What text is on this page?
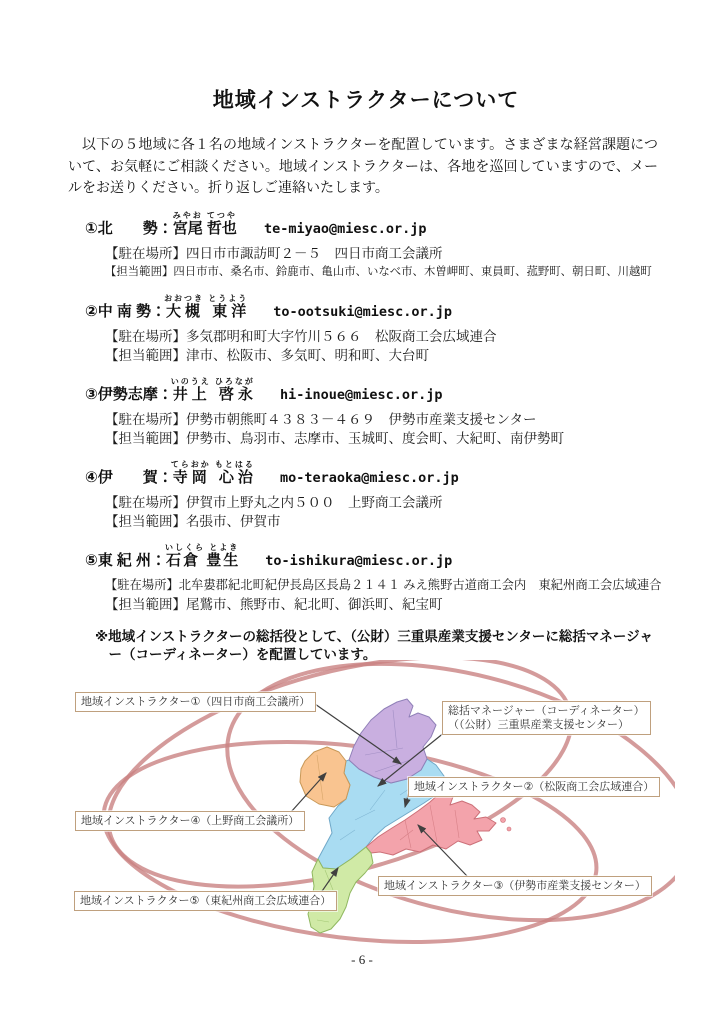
地域インストラクターについて

以下の５地域に各１名の地域インストラクターを配置しています。さまざまな経営課題について、お気軽にご相談ください。地域インストラクターは、各地を巡回していますので、メールをお送りください。折り返しご連絡いたします。

①北　　勢：宮尾 哲也みやお てつやte-miyao@miesc.or.jp
【駐在場所】四日市市諏訪町２－５　四日市商工会議所
【担当範囲】四日市市、桑名市、鈴鹿市、亀山市、いなべ市、木曽岬町、東員町、菰野町、朝日町、川越町
②中 南 勢：大槻 東洋おおつき とうようto-ootsuki@miesc.or.jp
【駐在場所】多気郡明和町大字竹川５６６　松阪商工会広域連合
【担当範囲】津市、松阪市、多気町、明和町、大台町
③伊勢志摩：井上 啓永いのうえ ひろながhi-inoue@miesc.or.jp
【駐在場所】伊勢市朝熊町４３８３－４６９　伊勢市産業支援センター
【担当範囲】伊勢市、鳥羽市、志摩市、玉城町、度会町、大紀町、南伊勢町
④伊　　賀：寺岡 心治てらおか もとはるmo-teraoka@miesc.or.jp
【駐在場所】伊賀市上野丸之内５００　上野商工会議所
【担当範囲】名張市、伊賀市
⑤東 紀 州：石倉 豊生いしくら とよきto-ishikura@miesc.or.jp
【駐在場所】北牟婁郡紀北町紀伊長島区長島２１４１ みえ熊野古道商工会内　東紀州商工会広域連合
【担当範囲】尾鷲市、熊野市、紀北町、御浜町、紀宝町

※地域インストラクターの総括役として、（公財）三重県産業支援センターに総括マネージャー（コーディネーター）を配置しています。

地域インストラクター①（四日市商工会議所）
総括マネージャー（コーディネーター）
（（公財）三重県産業支援センター）
地域インストラクター②（松阪商工会広域連合）
地域インストラクター④（上野商工会議所）
地域インストラクター③（伊勢市産業支援センター）
地域インストラクター⑤（東紀州商工会広域連合）
- 6 -
